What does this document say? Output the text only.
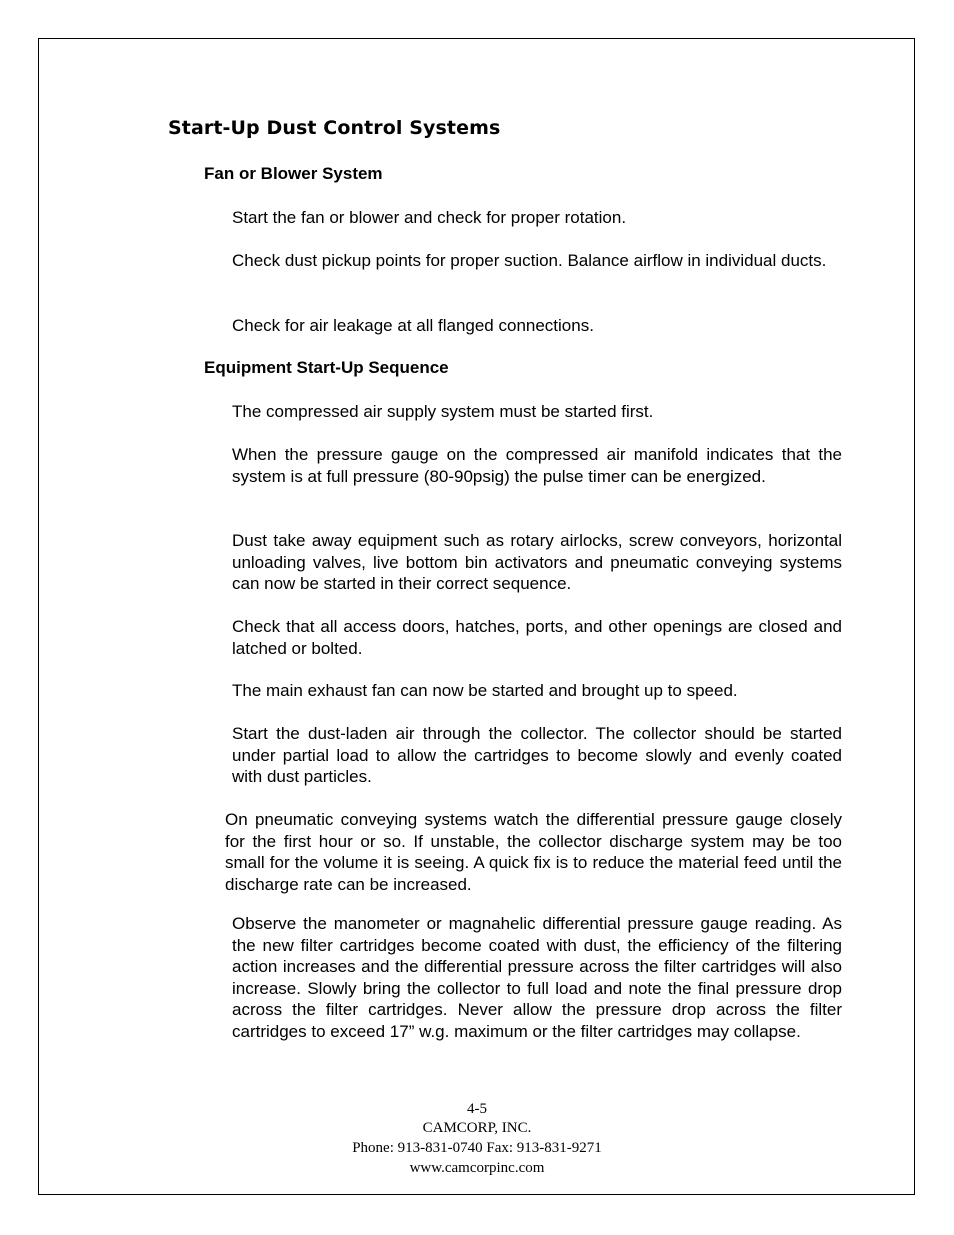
Start-Up Dust Control Systems
Fan or Blower System

Start the fan or blower and check for proper rotation.

Check dust pickup points for proper suction. Balance airflow in individual ducts.

Check for air leakage at all flanged connections.

Equipment Start-Up Sequence

The compressed air supply system must be started first.

When the pressure gauge on the compressed air manifold indicates that the system is at full pressure (80-90psig) the pulse timer can be energized.

Dust take away equipment such as rotary airlocks, screw conveyors, horizontal unloading valves, live bottom bin activators and pneumatic conveying systems can now be started in their correct sequence.

Check that all access doors, hatches, ports, and other openings are closed and latched or bolted.

The main exhaust fan can now be started and brought up to speed.

Start the dust-laden air through the collector. The collector should be started under partial load to allow the cartridges to become slowly and evenly coated with dust particles.

On pneumatic conveying systems watch the differential pressure gauge closely for the first hour or so. If unstable, the collector discharge system may be too small for the volume it is seeing. A quick fix is to reduce the material feed until the discharge rate can be increased.

Observe the manometer or magnahelic differential pressure gauge reading. As the new filter cartridges become coated with dust, the efficiency of the filtering action increases and the differential pressure across the filter cartridges will also increase. Slowly bring the collector to full load and note the final pressure drop across the filter cartridges. Never allow the pressure drop across the filter cartridges to exceed 17” w.g. maximum or the filter cartridges may collapse.

4-5
CAMCORP, INC.
Phone: 913-831-0740 Fax: 913-831-9271
www.camcorpinc.com
